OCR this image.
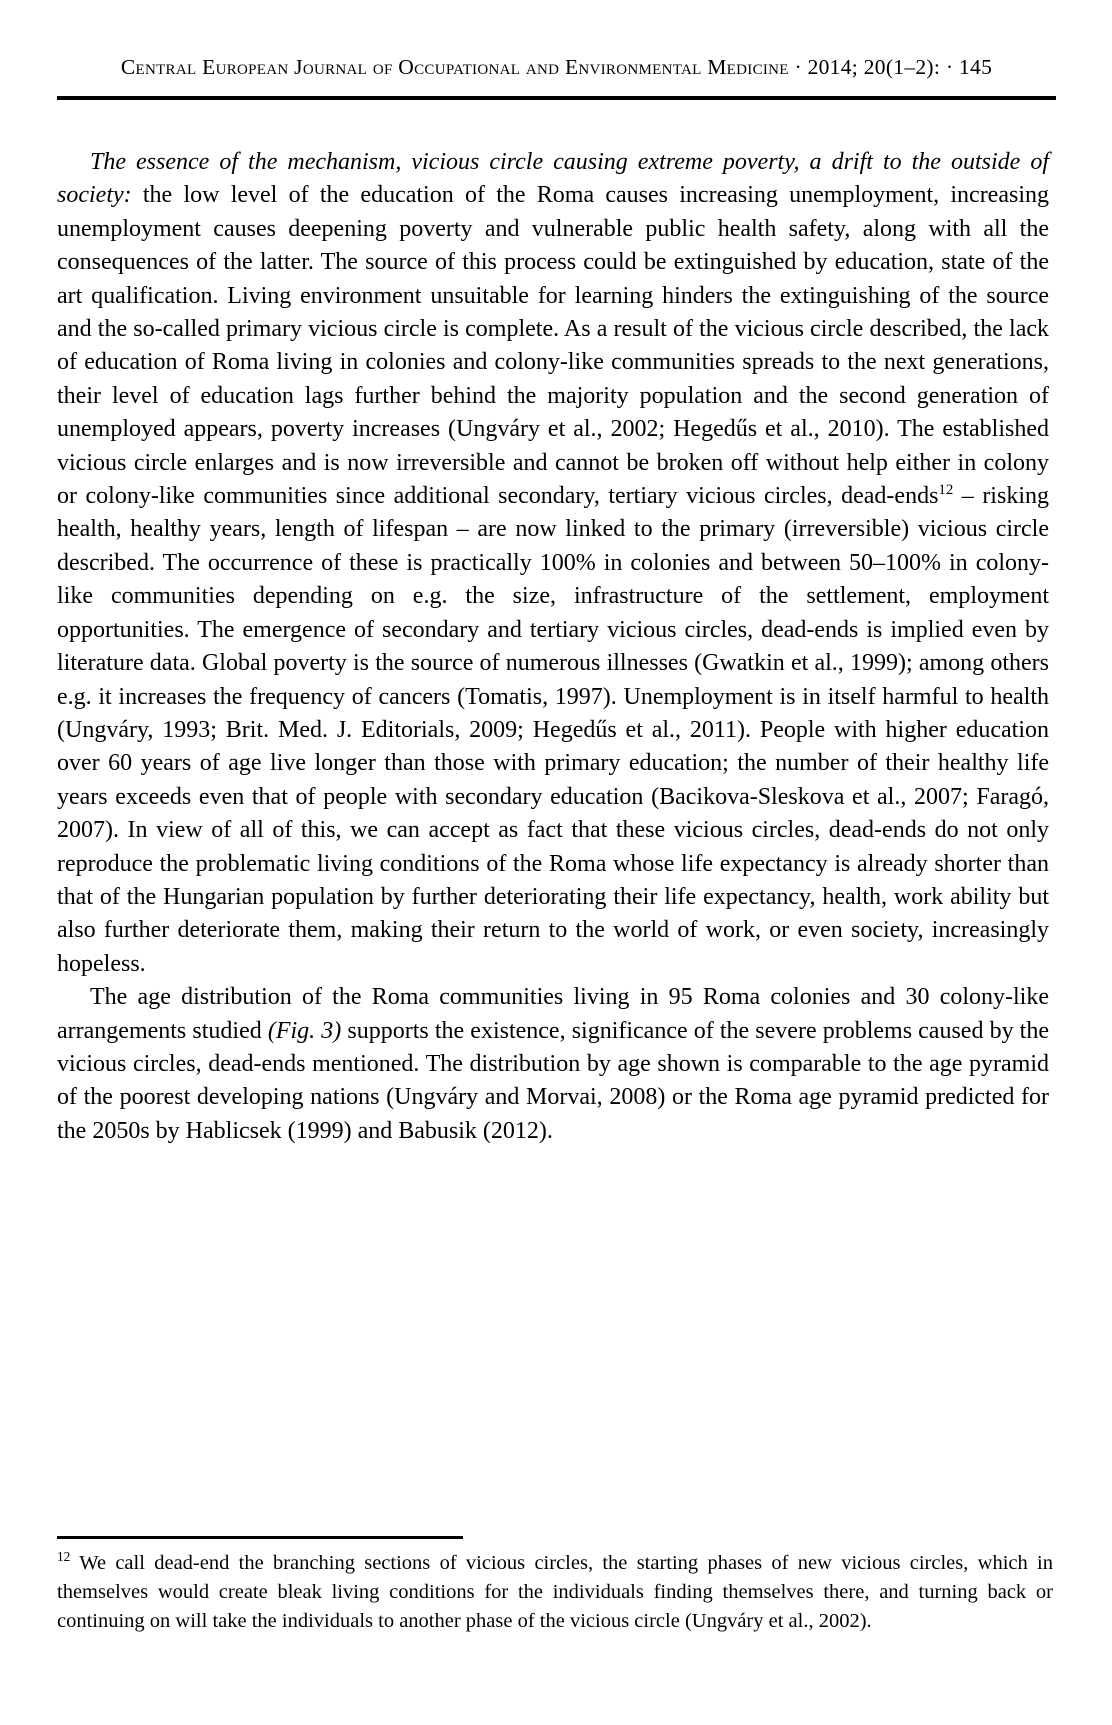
Central European Journal of Occupational and Environmental Medicine · 2014; 20(1–2): · 145

The essence of the mechanism, vicious circle causing extreme poverty, a drift to the outside of society: the low level of the education of the Roma causes increasing unemployment, increasing unemployment causes deepening poverty and vulnerable public health safety, along with all the consequences of the latter. The source of this process could be extinguished by education, state of the art qualification. Living environment unsuitable for learning hinders the extinguishing of the source and the so-called primary vicious circle is complete. As a result of the vicious circle described, the lack of education of Roma living in colonies and colony-like communities spreads to the next generations, their level of education lags further behind the majority population and the second generation of unemployed appears, poverty increases (Ungváry et al., 2002; Hegedűs et al., 2010). The established vicious circle enlarges and is now irreversible and cannot be broken off without help either in colony or colony-like communities since additional secondary, tertiary vicious circles, dead-ends$^{12}$ – risking health, healthy years, length of lifespan – are now linked to the primary (irreversible) vicious circle described. The occurrence of these is practically 100% in colonies and between 50–100% in colony-like communities depending on e.g. the size, infrastructure of the settlement, employment opportunities. The emergence of secondary and tertiary vicious circles, dead-ends is implied even by literature data. Global poverty is the source of numerous illnesses (Gwatkin et al., 1999); among others e.g. it increases the frequency of cancers (Tomatis, 1997). Unemployment is in itself harmful to health (Ungváry, 1993; Brit. Med. J. Editorials, 2009; Hegedűs et al., 2011). People with higher education over 60 years of age live longer than those with primary education; the number of their healthy life years exceeds even that of people with secondary education (Bacikova-Sleskova et al., 2007; Faragó, 2007). In view of all of this, we can accept as fact that these vicious circles, dead-ends do not only reproduce the problematic living conditions of the Roma whose life expectancy is already shorter than that of the Hungarian population by further deteriorating their life expectancy, health, work ability but also further deteriorate them, making their return to the world of work, or even society, increasingly hopeless.

The age distribution of the Roma communities living in 95 Roma colonies and 30 colony-like arrangements studied (Fig. 3) supports the existence, significance of the severe problems caused by the vicious circles, dead-ends mentioned. The distribution by age shown is comparable to the age pyramid of the poorest developing nations (Ungváry and Morvai, 2008) or the Roma age pyramid predicted for the 2050s by Hablicsek (1999) and Babusik (2012).

$^{12}$ We call dead-end the branching sections of vicious circles, the starting phases of new vicious circles, which in themselves would create bleak living conditions for the individuals finding themselves there, and turning back or continuing on will take the individuals to another phase of the vicious circle (Ungváry et al., 2002).
